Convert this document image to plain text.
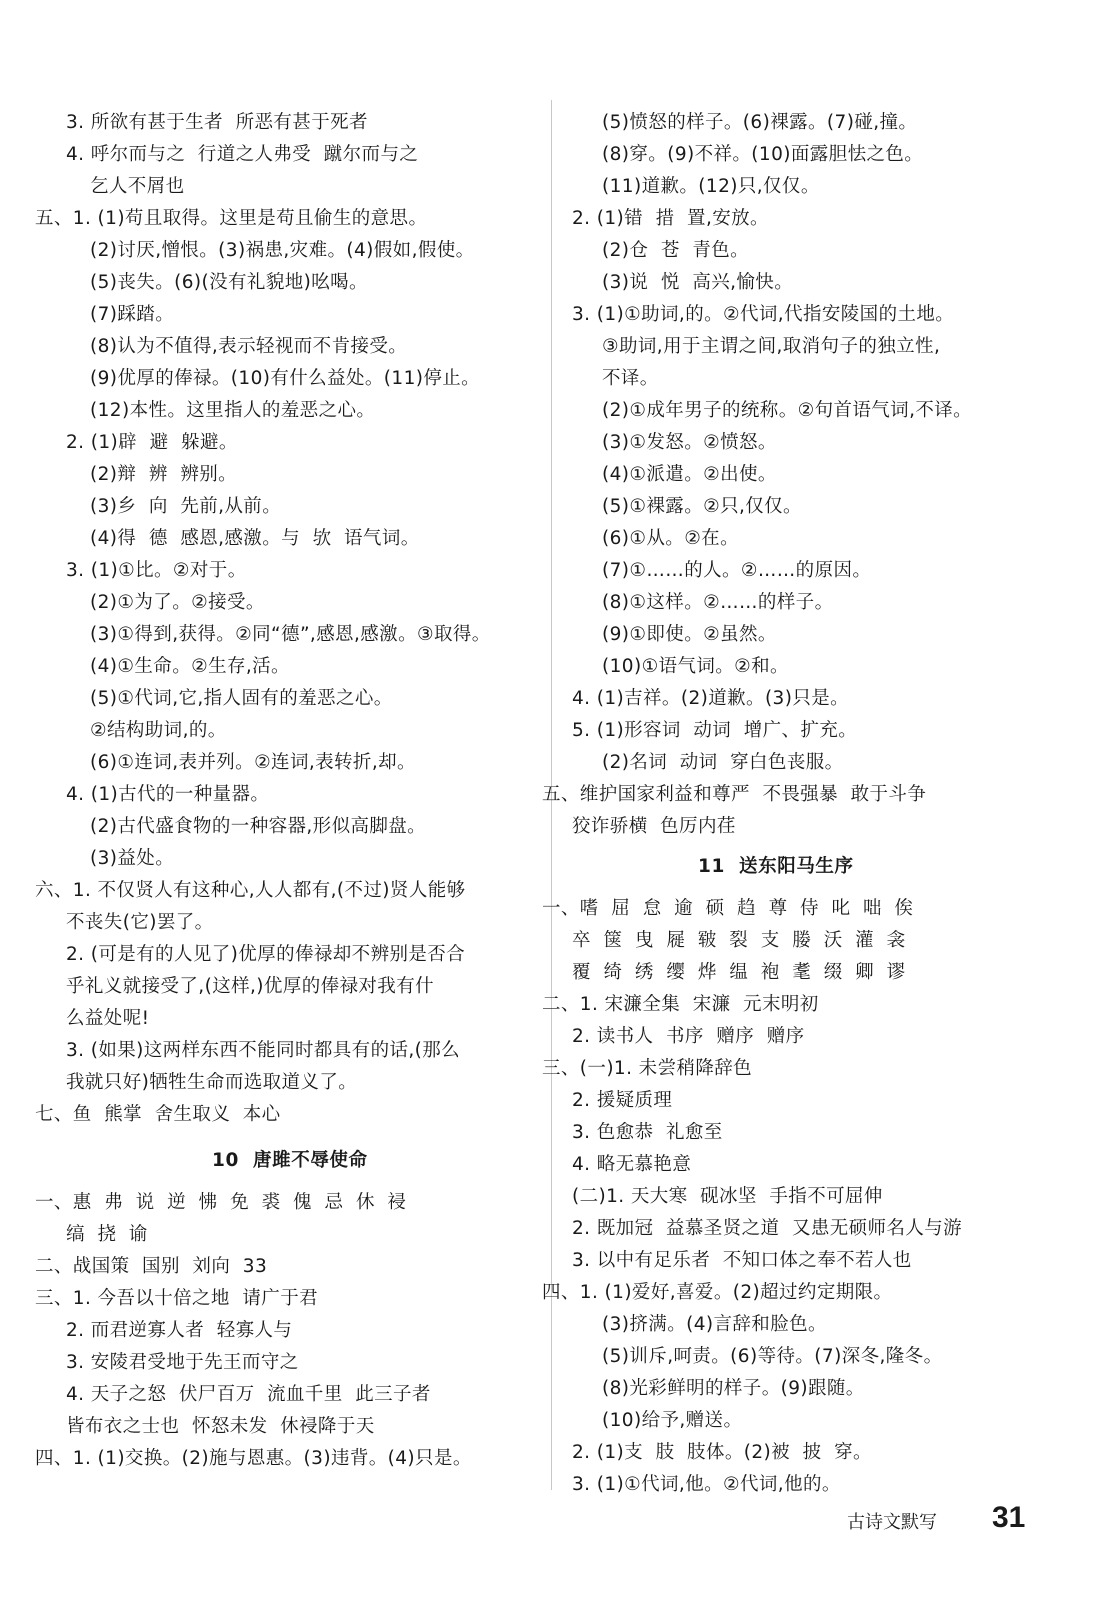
3. 所欲有甚于生者  所恶有甚于死者
4. 呼尔而与之  行道之人弗受  蹴尔而与之
乞人不屑也
五、1. (1)苟且取得。这里是苟且偷生的意思。
(2)讨厌,憎恨。(3)祸患,灾难。(4)假如,假使。
(5)丧失。(6)(没有礼貌地)吆喝。
(7)踩踏。
(8)认为不值得,表示轻视而不肯接受。
(9)优厚的俸禄。(10)有什么益处。(11)停止。
(12)本性。这里指人的羞恶之心。
2. (1)辟  避  躲避。
(2)辩  辨  辨别。
(3)乡  向  先前,从前。
(4)得  德  感恩,感激。与  欤  语气词。
3. (1)①比。②对于。
(2)①为了。②接受。
(3)①得到,获得。②同“德”,感恩,感激。③取得。
(4)①生命。②生存,活。
(5)①代词,它,指人固有的羞恶之心。
②结构助词,的。
(6)①连词,表并列。②连词,表转折,却。
4. (1)古代的一种量器。
(2)古代盛食物的一种容器,形似高脚盘。
(3)益处。
六、1. 不仅贤人有这种心,人人都有,(不过)贤人能够
不丧失(它)罢了。
2. (可是有的人见了)优厚的俸禄却不辨别是否合
乎礼义就接受了,(这样,)优厚的俸禄对我有什
么益处呢!
3. (如果)这两样东西不能同时都具有的话,(那么
我就只好)牺牲生命而选取道义了。
七、鱼  熊掌  舍生取义  本心
10  唐雎不辱使命
一、惠  弗  说  逆  怫  免  裘  傀  忌  休  祲
缟  挠  谕
二、战国策  国别  刘向  33
三、1. 今吾以十倍之地  请广于君
2. 而君逆寡人者  轻寡人与
3. 安陵君受地于先王而守之
4. 天子之怒  伏尸百万  流血千里  此三子者
皆布衣之士也  怀怒未发  休祲降于天
四、1. (1)交换。(2)施与恩惠。(3)违背。(4)只是。
(5)愤怒的样子。(6)裸露。(7)碰,撞。
(8)穿。(9)不祥。(10)面露胆怯之色。
(11)道歉。(12)只,仅仅。
2. (1)错  措  置,安放。
(2)仓  苍  青色。
(3)说  悦  高兴,愉快。
3. (1)①助词,的。②代词,代指安陵国的土地。
③助词,用于主谓之间,取消句子的独立性,
不译。
(2)①成年男子的统称。②句首语气词,不译。
(3)①发怒。②愤怒。
(4)①派遣。②出使。
(5)①裸露。②只,仅仅。
(6)①从。②在。
(7)①……的人。②……的原因。
(8)①这样。②……的样子。
(9)①即使。②虽然。
(10)①语气词。②和。
4. (1)吉祥。(2)道歉。(3)只是。
5. (1)形容词  动词  增广、扩充。
(2)名词  动词  穿白色丧服。
五、维护国家利益和尊严  不畏强暴  敢于斗争
狡诈骄横  色厉内荏
11  送东阳马生序
一、嗜  屈  怠  逾  硕  趋  尊  侍  叱  咄  俟
卒  箧  曳  屣  皲  裂  支  媵  沃  灌  衾
覆  绮  绣  缨  烨  缊  袍  耄  缀  卿  谬
二、1. 宋濂全集  宋濂  元末明初
2. 读书人  书序  赠序  赠序
三、(一)1. 未尝稍降辞色
2. 援疑质理
3. 色愈恭  礼愈至
4. 略无慕艳意
(二)1. 天大寒  砚冰坚  手指不可屈伸
2. 既加冠  益慕圣贤之道  又患无硕师名人与游
3. 以中有足乐者  不知口体之奉不若人也
四、1. (1)爱好,喜爱。(2)超过约定期限。
(3)挤满。(4)言辞和脸色。
(5)训斥,呵责。(6)等待。(7)深冬,隆冬。
(8)光彩鲜明的样子。(9)跟随。
(10)给予,赠送。
2. (1)支  肢  肢体。(2)被  披  穿。
3. (1)①代词,他。②代词,他的。
古诗文默写 31
